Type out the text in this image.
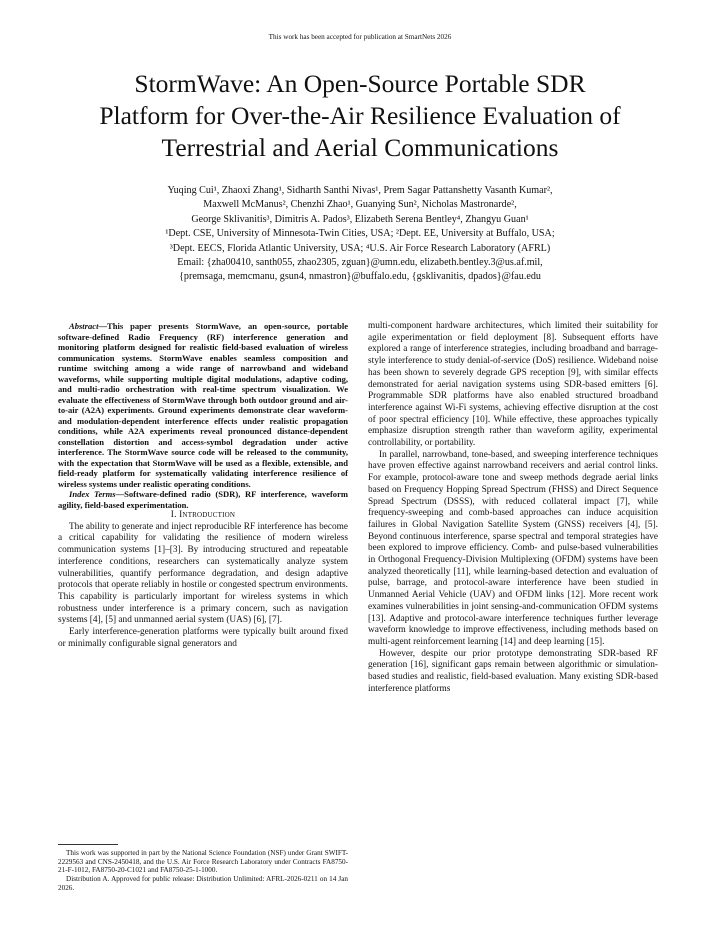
This work has been accepted for publication at SmartNets 2026
StormWave: An Open-Source Portable SDR
Platform for Over-the-Air Resilience Evaluation of
Terrestrial and Aerial Communications
Yuqing Cui¹, Zhaoxi Zhang¹, Sidharth Santhi Nivas¹, Prem Sagar Pattanshetty Vasanth Kumar²,
Maxwell McManus², Chenzhi Zhao¹, Guanying Sun², Nicholas Mastronarde²,
George Sklivanitis³, Dimitris A. Pados³, Elizabeth Serena Bentley⁴, Zhangyu Guan¹
¹Dept. CSE, University of Minnesota-Twin Cities, USA; ²Dept. EE, University at Buffalo, USA;
³Dept. EECS, Florida Atlantic University, USA; ⁴U.S. Air Force Research Laboratory (AFRL)
Email: {zha00410, santh055, zhao2305, zguan}@umn.edu, elizabeth.bentley.3@us.af.mil,
{premsaga, memcmanu, gsun4, nmastron}@buffalo.edu, {gsklivanitis, dpados}@fau.edu

Abstract—This paper presents StormWave, an open-source, portable software-defined Radio Frequency (RF) interference generation and monitoring platform designed for realistic field-based evaluation of wireless communication systems. StormWave enables seamless composition and runtime switching among a wide range of narrowband and wideband waveforms, while supporting multiple digital modulations, adaptive coding, and multi-radio orchestration with real-time spectrum visualization. We evaluate the effectiveness of StormWave through both outdoor ground and air-to-air (A2A) experiments. Ground experiments demonstrate clear waveform- and modulation-dependent interference effects under realistic propagation conditions, while A2A experiments reveal pronounced distance-dependent constellation distortion and access-symbol degradation under active interference. The StormWave source code will be released to the community, with the expectation that StormWave will be used as a flexible, extensible, and field-ready platform for systematically validating interference resilience of wireless systems under realistic operating conditions.

Index Terms—Software-defined radio (SDR), RF interference, waveform agility, field-based experimentation.

I. Introduction

The ability to generate and inject reproducible RF interference has become a critical capability for validating the resilience of modern wireless communication systems [1]–[3]. By introducing structured and repeatable interference conditions, researchers can systematically analyze system vulnerabilities, quantify performance degradation, and design adaptive protocols that operate reliably in hostile or congested spectrum environments. This capability is particularly important for wireless systems in which robustness under interference is a primary concern, such as navigation systems [4], [5] and unmanned aerial system (UAS) [6], [7].

Early interference-generation platforms were typically built around fixed or minimally configurable signal generators and

This work was supported in part by the National Science Foundation (NSF) under Grant SWIFT-2229563 and CNS-2450418, and the U.S. Air Force Research Laboratory under Contracts FA8750-21-F-1012, FA8750-20-C1021 and FA8750-25-1-1000.

Distribution A. Approved for public release: Distribution Unlimited: AFRL-2026-0211 on 14 Jan 2026.

multi-component hardware architectures, which limited their suitability for agile experimentation or field deployment [8]. Subsequent efforts have explored a range of interference strategies, including broadband and barrage-style interference to study denial-of-service (DoS) resilience. Wideband noise has been shown to severely degrade GPS reception [9], with similar effects demonstrated for aerial navigation systems using SDR-based emitters [6]. Programmable SDR platforms have also enabled structured broadband interference against Wi-Fi systems, achieving effective disruption at the cost of poor spectral efficiency [10]. While effective, these approaches typically emphasize disruption strength rather than waveform agility, experimental controllability, or portability.

In parallel, narrowband, tone-based, and sweeping interference techniques have proven effective against narrowband receivers and aerial control links. For example, protocol-aware tone and sweep methods degrade aerial links based on Frequency Hopping Spread Spectrum (FHSS) and Direct Sequence Spread Spectrum (DSSS), with reduced collateral impact [7], while frequency-sweeping and comb-based approaches can induce acquisition failures in Global Navigation Satellite System (GNSS) receivers [4], [5]. Beyond continuous interference, sparse spectral and temporal strategies have been explored to improve efficiency. Comb- and pulse-based vulnerabilities in Orthogonal Frequency-Division Multiplexing (OFDM) systems have been analyzed theoretically [11], while learning-based detection and evaluation of pulse, barrage, and protocol-aware interference have been studied in Unmanned Aerial Vehicle (UAV) and OFDM links [12]. More recent work examines vulnerabilities in joint sensing-and-communication OFDM systems [13]. Adaptive and protocol-aware interference techniques further leverage waveform knowledge to improve effectiveness, including methods based on multi-agent reinforcement learning [14] and deep learning [15].

However, despite our prior prototype demonstrating SDR-based RF generation [16], significant gaps remain between algorithmic or simulation-based studies and realistic, field-based evaluation. Many existing SDR-based interference platforms
